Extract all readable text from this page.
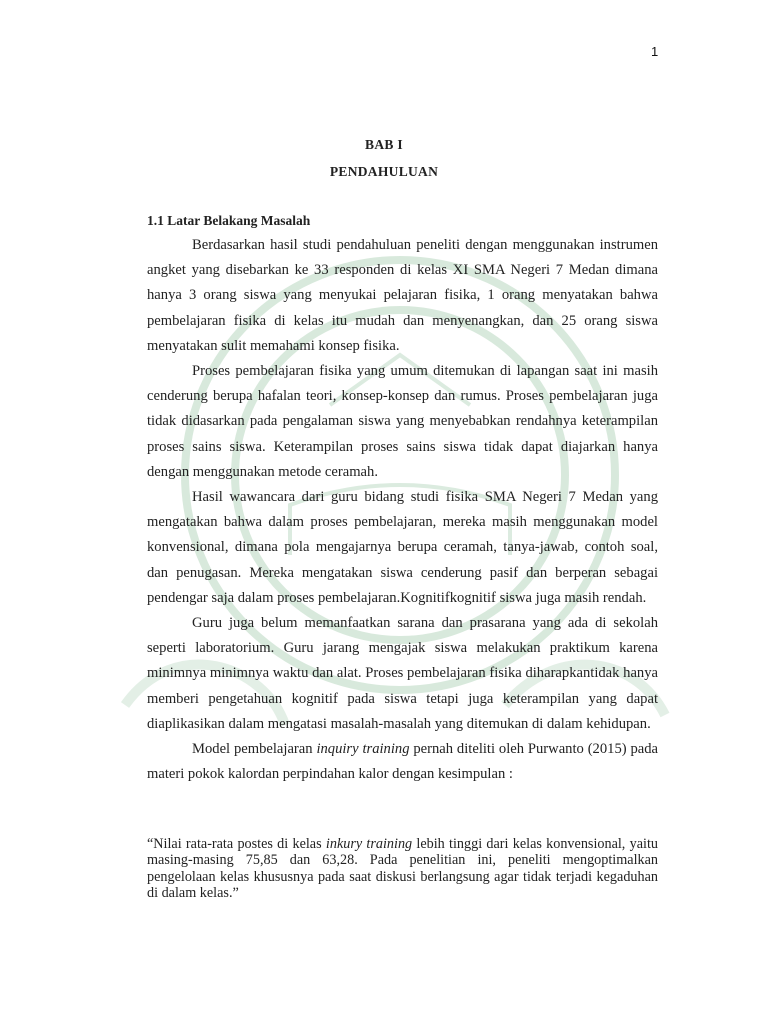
1
BAB I
PENDAHULUAN
1.1 Latar Belakang Masalah

Berdasarkan hasil studi pendahuluan peneliti dengan menggunakan instrumen angket yang disebarkan ke 33 responden di kelas XI SMA Negeri 7 Medan dimana hanya 3 orang siswa yang menyukai pelajaran fisika, 1 orang menyatakan bahwa pembelajaran fisika di kelas itu mudah dan menyenangkan, dan 25 orang siswa menyatakan sulit memahami konsep fisika.

Proses pembelajaran fisika yang umum ditemukan di lapangan saat ini masih cenderung berupa hafalan teori, konsep-konsep dan rumus. Proses pembelajaran juga tidak didasarkan pada pengalaman siswa yang menyebabkan rendahnya keterampilan proses sains siswa. Keterampilan proses sains siswa tidak dapat diajarkan hanya dengan menggunakan metode ceramah.

Hasil wawancara dari guru bidang studi fisika SMA Negeri 7 Medan yang mengatakan bahwa dalam proses pembelajaran, mereka masih menggunakan model konvensional, dimana pola mengajarnya berupa ceramah, tanya-jawab, contoh soal, dan penugasan. Mereka mengatakan siswa cenderung pasif dan berperan sebagai pendengar saja dalam proses pembelajaran.Kognitifkognitif siswa juga masih rendah.

Guru juga belum memanfaatkan sarana dan prasarana yang ada di sekolah seperti laboratorium. Guru jarang mengajak siswa melakukan praktikum karena minimnya minimnya waktu dan alat. Proses pembelajaran fisika diharapkantidak hanya memberi pengetahuan kognitif pada siswa tetapi juga keterampilan yang dapat diaplikasikan dalam mengatasi masalah-masalah yang ditemukan di dalam kehidupan.

Model pembelajaran inquiry training pernah diteliti oleh Purwanto (2015) pada materi pokok kalordan perpindahan kalor dengan kesimpulan :

“Nilai rata-rata postes di kelas inkury training lebih tinggi dari kelas konvensional, yaitu masing-masing 75,85 dan 63,28. Pada penelitian ini, peneliti mengoptimalkan pengelolaan kelas khususnya pada saat diskusi berlangsung agar tidak terjadi kegaduhan di dalam kelas.”
